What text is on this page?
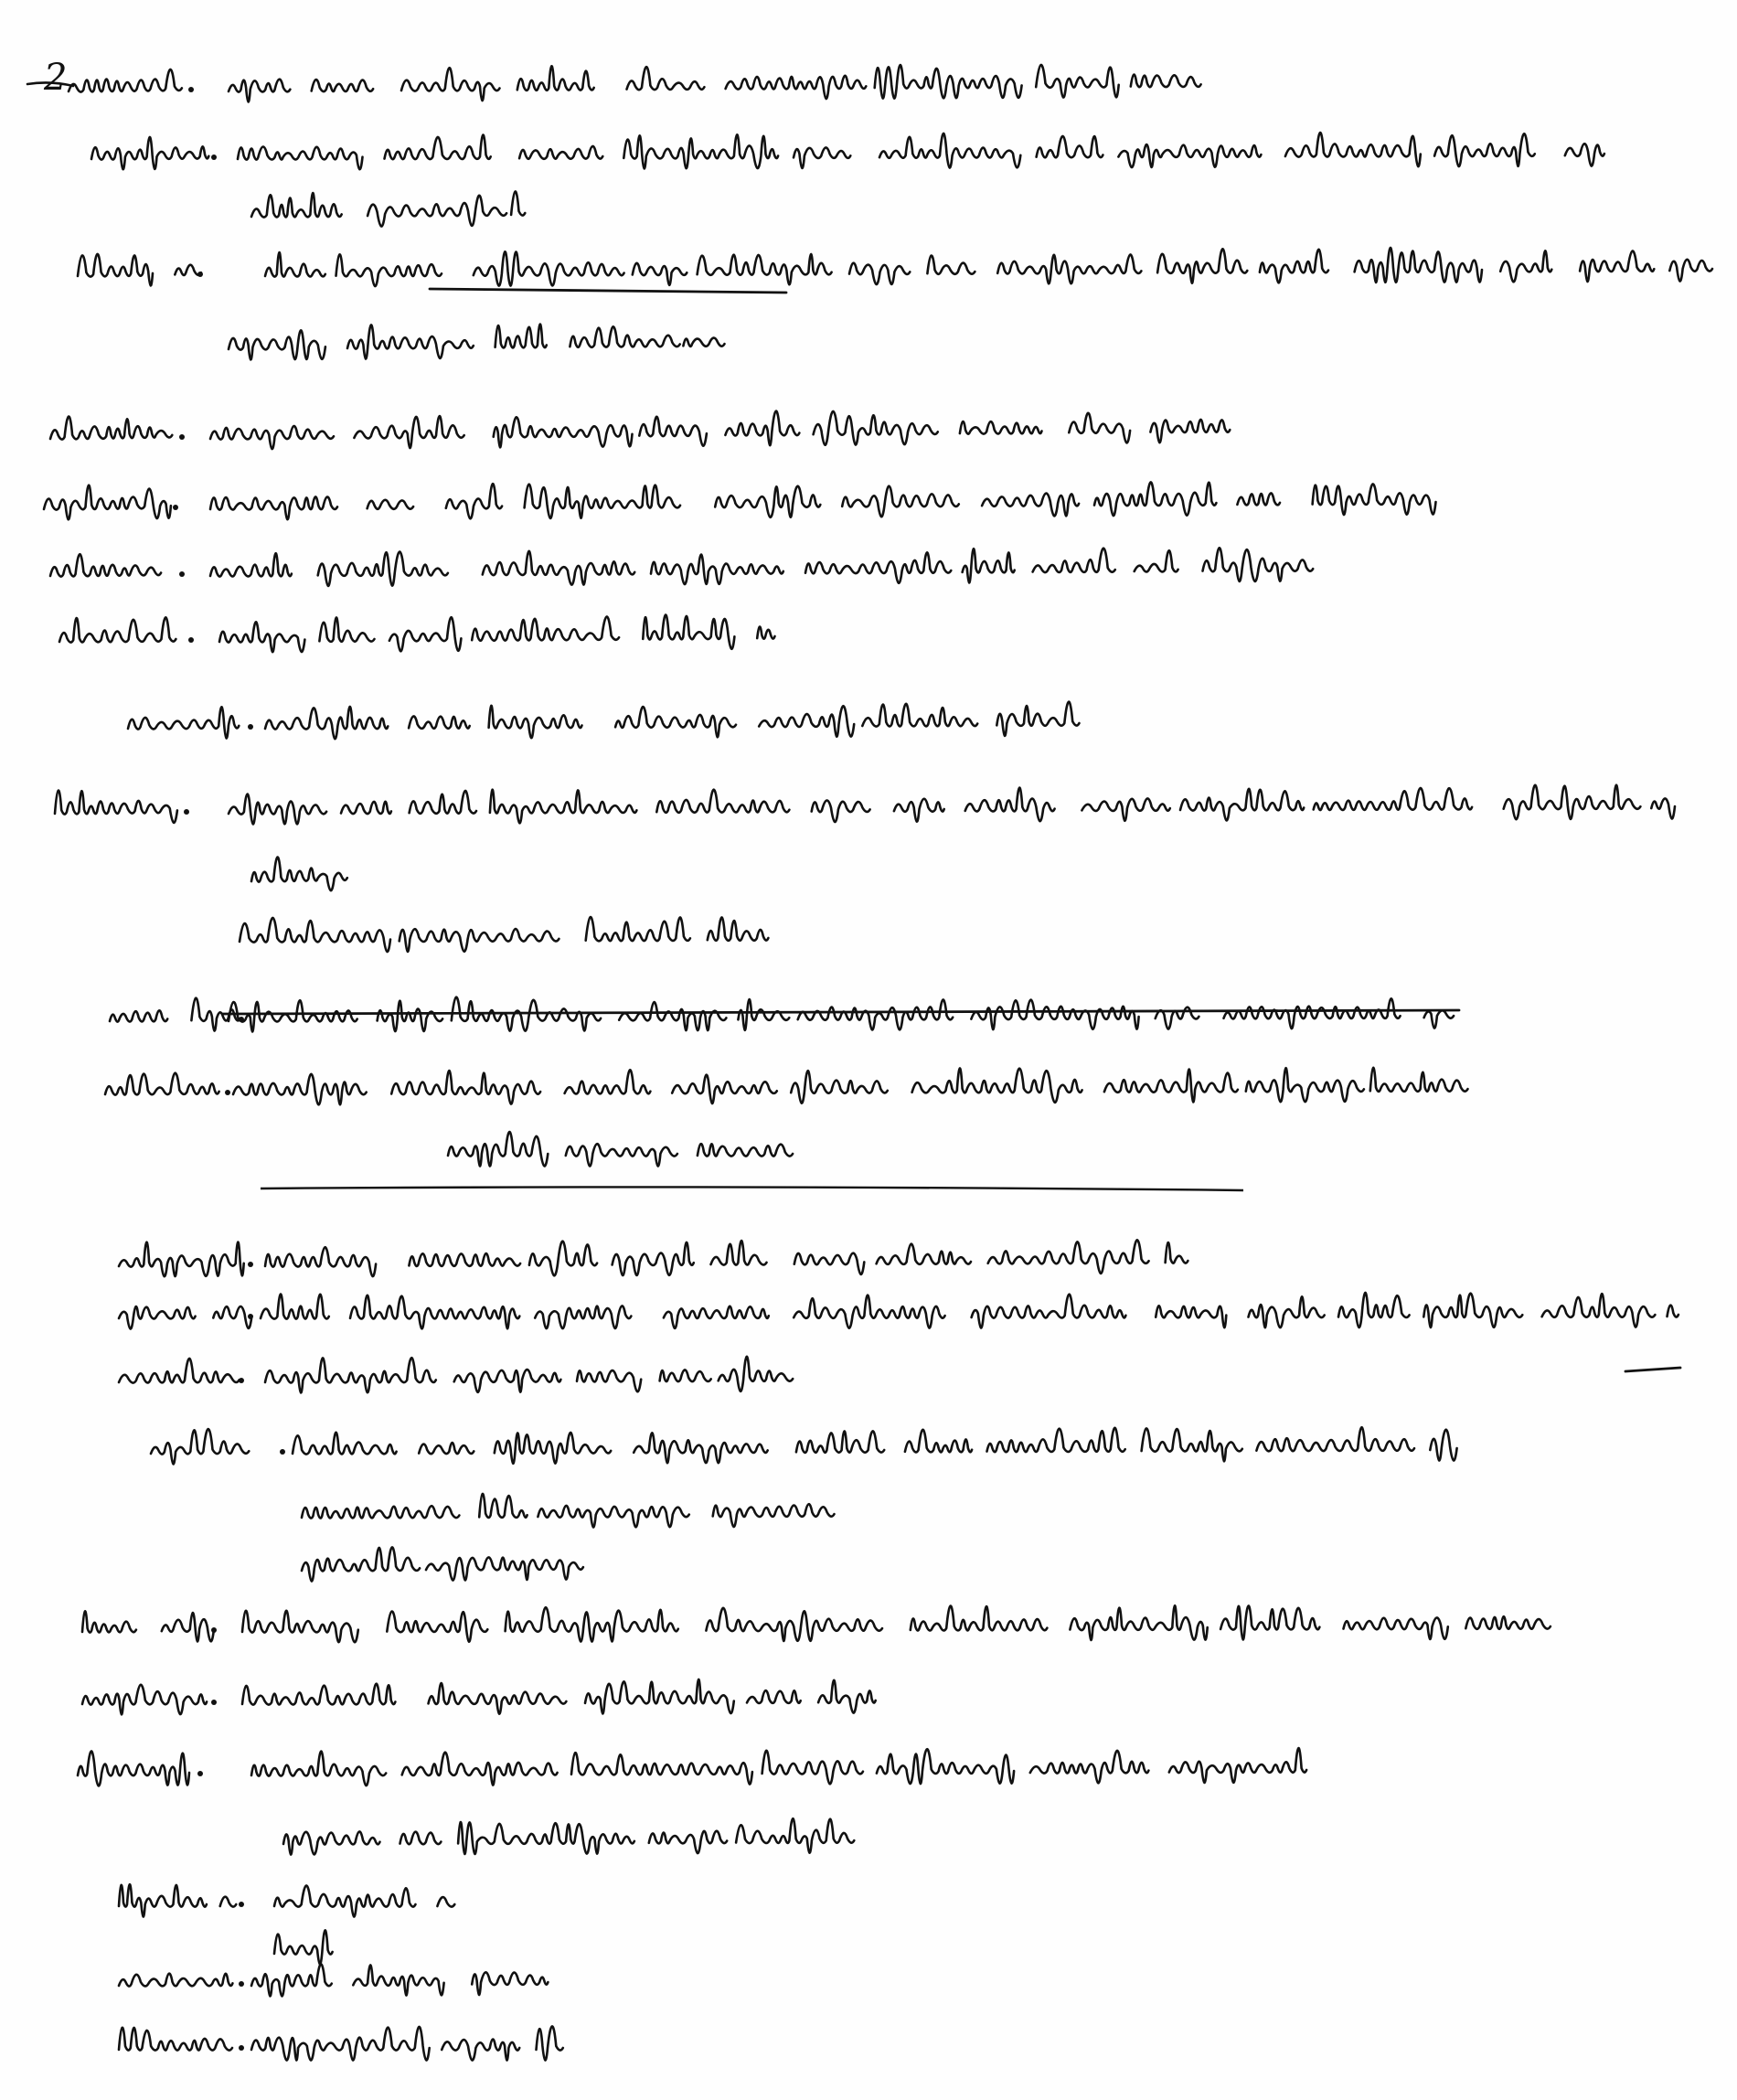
2
